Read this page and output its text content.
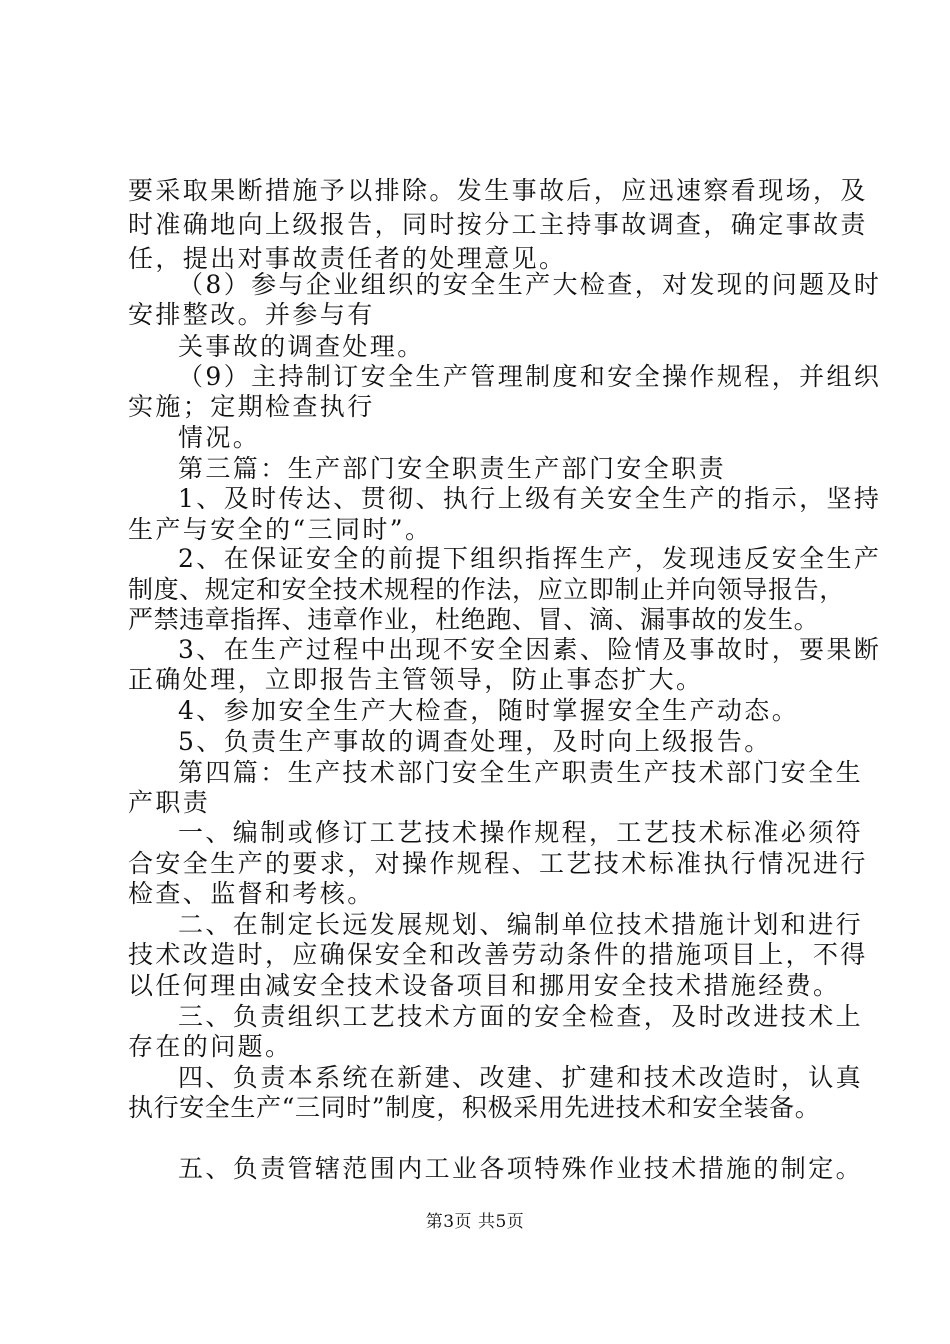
要采取果断措施予以排除。发生事故后，应迅速察看现场，及
时准确地向上级报告，同时按分工主持事故调查，确定事故责
任，提出对事故责任者的处理意见。
（8）参与企业组织的安全生产大检查，对发现的问题及时
安排整改。并参与有
关事故的调查处理。
（9）主持制订安全生产管理制度和安全操作规程，并组织
实施；定期检查执行
情况。
第三篇：生产部门安全职责生产部门安全职责
1、及时传达、贯彻、执行上级有关安全生产的指示，坚持
生产与安全的“三同时”。
2、在保证安全的前提下组织指挥生产，发现违反安全生产
制度、规定和安全技术规程的作法，应立即制止并向领导报告，
严禁违章指挥、违章作业，杜绝跑、冒、滴、漏事故的发生。
3、在生产过程中出现不安全因素、险情及事故时，要果断
正确处理，立即报告主管领导，防止事态扩大。
4、参加安全生产大检查，随时掌握安全生产动态。
5、负责生产事故的调查处理，及时向上级报告。
第四篇：生产技术部门安全生产职责生产技术部门安全生
产职责
一、编制或修订工艺技术操作规程，工艺技术标准必须符
合安全生产的要求，对操作规程、工艺技术标准执行情况进行
检查、监督和考核。
二、在制定长远发展规划、编制单位技术措施计划和进行
技术改造时，应确保安全和改善劳动条件的措施项目上，不得
以任何理由减安全技术设备项目和挪用安全技术措施经费。
三、负责组织工艺技术方面的安全检查，及时改进技术上
存在的问题。
四、负责本系统在新建、改建、扩建和技术改造时，认真
执行安全生产“三同时”制度，积极采用先进技术和安全装备。
五、负责管辖范围内工业各项特殊作业技术措施的制定。
第3页 共5页
